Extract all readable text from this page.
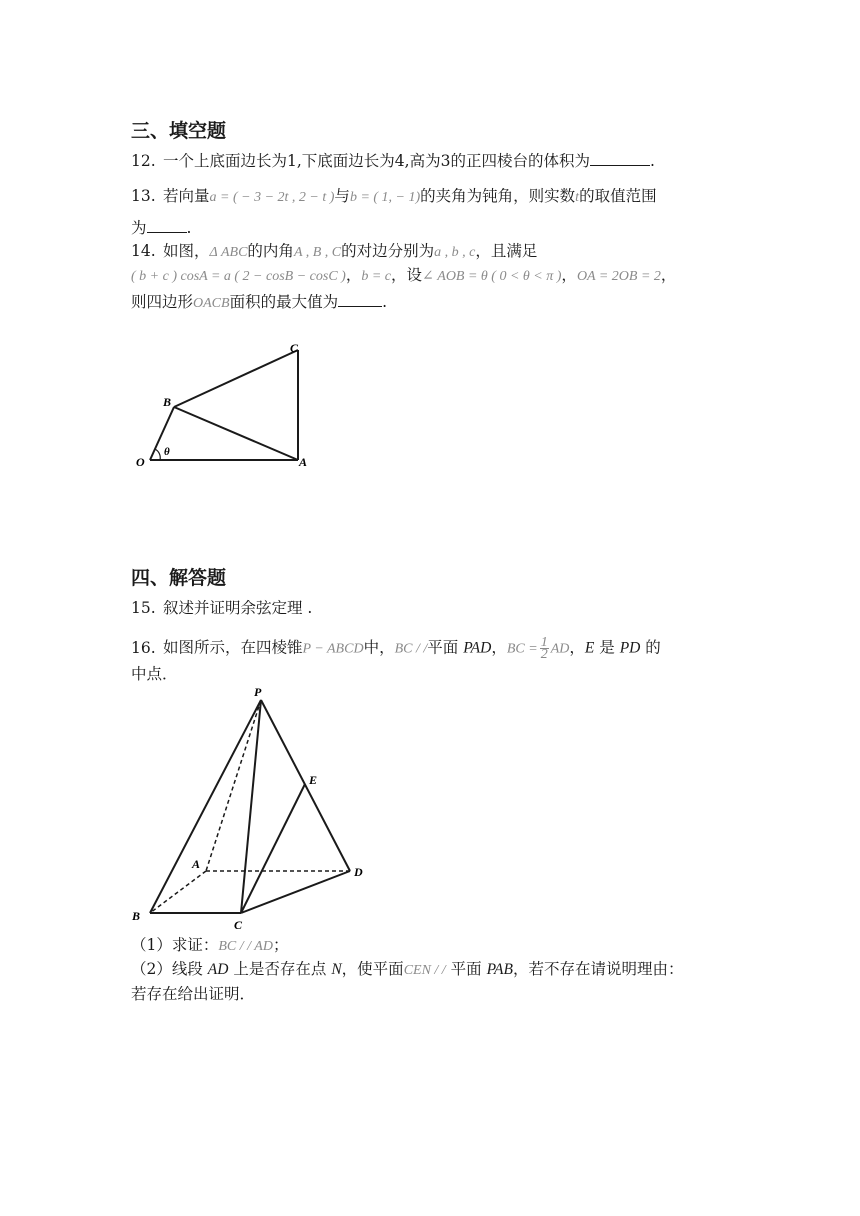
三、填空题
12. 一个上底面边长为1,下底面边长为4,高为3的正四棱台的体积为	.
13. 若向量a = ( − 3 − 2t , 2 − t )与b = ( 1, − 1)的夹角为钝角，则实数t的取值范围
为	.
14. 如图，Δ ABC的内角A , B , C的对边分别为a , b , c，且满足
( b + c ) cosA = a ( 2 − cosB − cosC )，b = c，设∠ AOB = θ ( 0 < θ < π )，OA = 2OB = 2，
则四边形OACB面积的最大值为	.
C
B
O	A
θ
四、解答题
15. 叙述并证明余弦定理 .
16. 如图所示，在四棱锥P − ABCD中，BC / /平面 PAD，BC = $\frac{1}{2}$ AD，E 是 PD 的
中点．
P
E
A
D
B
C
（1）求证：BC / / AD；
（2）线段 AD 上是否存在点 N，使平面CEN / / 平面 PAB，若不存在请说明理由：
若存在给出证明．
